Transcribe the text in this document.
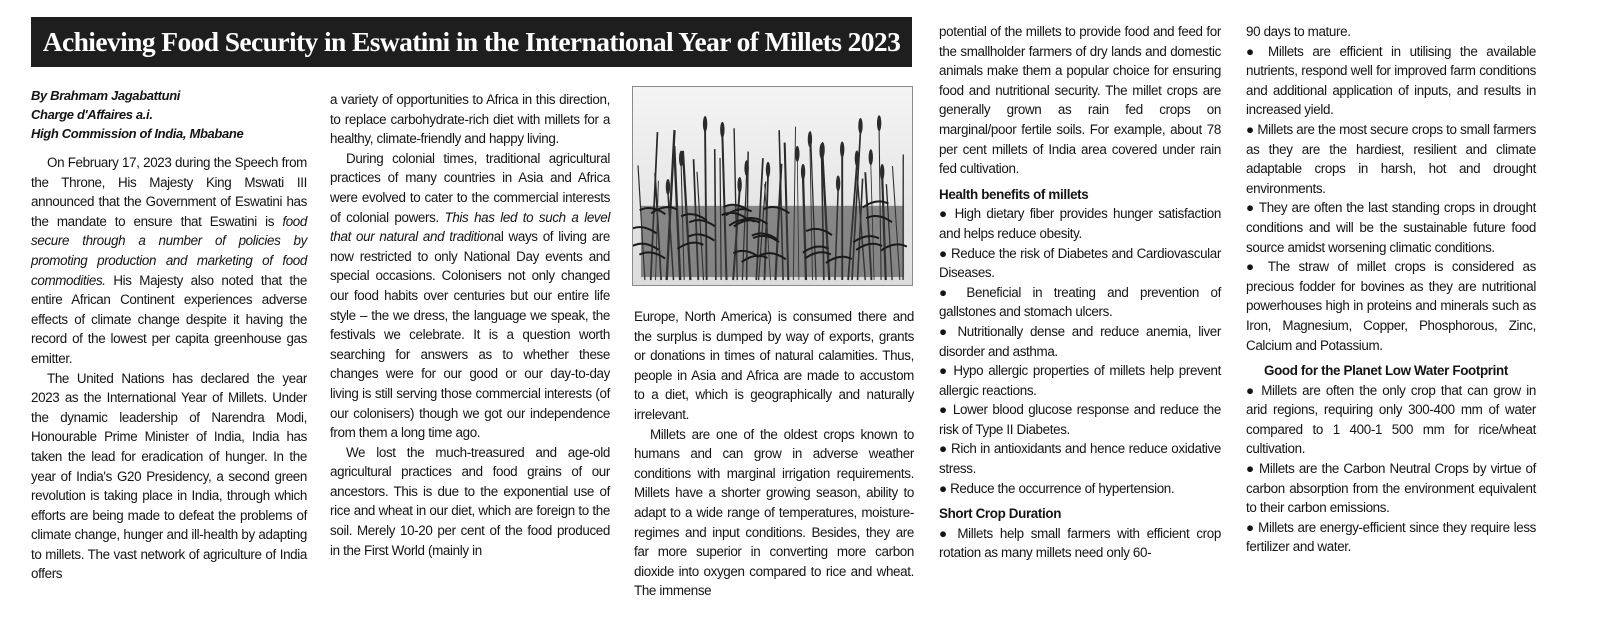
Achieving Food Security in Eswatini in the International Year of Millets 2023

By Brahmam Jagabattuni
Charge d'Affaires a.i.
High Commission of India, Mbabane

On February 17, 2023 during the Speech from the Throne, His Majesty King Mswati III announced that the Government of Eswatini has the mandate to ensure that Eswatini is food secure through a number of policies by promoting production and marketing of food commodities. His Majesty also noted that the entire African Continent experiences adverse effects of climate change despite it having the record of the lowest per capita greenhouse gas emitter.

The United Nations has declared the year 2023 as the International Year of Millets. Under the dynamic leadership of Narendra Modi, Honourable Prime Minister of India, India has taken the lead for eradication of hunger. In the year of India's G20 Presidency, a second green revolution is taking place in India, through which efforts are being made to defeat the problems of climate change, hunger and ill-health by adapting to millets. The vast network of agriculture of India offers

a variety of opportunities to Africa in this direction, to replace carbohydrate-rich diet with millets for a healthy, climate-friendly and happy living.

During colonial times, traditional agricultural practices of many countries in Asia and Africa were evolved to cater to the commercial interests of colonial powers. This has led to such a level that our natural and traditional ways of living are now restricted to only National Day events and special occasions. Colonisers not only changed our food habits over centuries but our entire life style – the we dress, the language we speak, the festivals we celebrate. It is a question worth searching for answers as to whether these changes were for our good or our day-to-day living is still serving those commercial interests (of our colonisers) though we got our independence from them a long time ago.

We lost the much-treasured and age-old agricultural practices and food grains of our ancestors. This is due to the exponential use of rice and wheat in our diet, which are foreign to the soil. Merely 10-20 per cent of the food produced in the First World (mainly in

Europe, North America) is consumed there and the surplus is dumped by way of exports, grants or donations in times of natural calamities. Thus, people in Asia and Africa are made to accustom to a diet, which is geographically and naturally irrelevant.

Millets are one of the oldest crops known to humans and can grow in adverse weather conditions with marginal irrigation requirements. Millets have a shorter growing season, ability to adapt to a wide range of temperatures, moisture-regimes and input conditions. Besides, they are far more superior in converting more carbon dioxide into oxygen compared to rice and wheat. The immense

potential of the millets to provide food and feed for the smallholder farmers of dry lands and domestic animals make them a popular choice for ensuring food and nutritional security. The millet crops are generally grown as rain fed crops on marginal/poor fertile soils. For example, about 78 per cent millets of India area covered under rain fed cultivation.

Health benefits of millets

● High dietary fiber provides hunger satisfaction and helps reduce obesity.

● Reduce the risk of Diabetes and Cardiovascular Diseases.

● Beneficial in treating and prevention of gallstones and stomach ulcers.

● Nutritionally dense and reduce anemia, liver disorder and asthma.

● Hypo allergic properties of millets help prevent allergic reactions.

● Lower blood glucose response and reduce the risk of Type II Diabetes.

● Rich in antioxidants and hence reduce oxidative stress.

● Reduce the occurrence of hypertension.

Short Crop Duration

● Millets help small farmers with efficient crop rotation as many millets need only 60-

90 days to mature.

● Millets are efficient in utilising the available nutrients, respond well for improved farm conditions and additional application of inputs, and results in increased yield.

● Millets are the most secure crops to small farmers as they are the hardiest, resilient and climate adaptable crops in harsh, hot and drought environments.

● They are often the last standing crops in drought conditions and will be the sustainable future food source amidst worsening climatic conditions.

● The straw of millet crops is considered as precious fodder for bovines as they are nutritional powerhouses high in proteins and minerals such as Iron, Magnesium, Copper, Phosphorous, Zinc, Calcium and Potassium.

Good for the Planet Low Water Footprint

● Millets are often the only crop that can grow in arid regions, requiring only 300-400 mm of water compared to 1 400-1 500 mm for rice/wheat cultivation.

● Millets are the Carbon Neutral Crops by virtue of carbon absorption from the environment equivalent to their carbon emissions.

● Millets are energy-efficient since they require less fertilizer and water.
